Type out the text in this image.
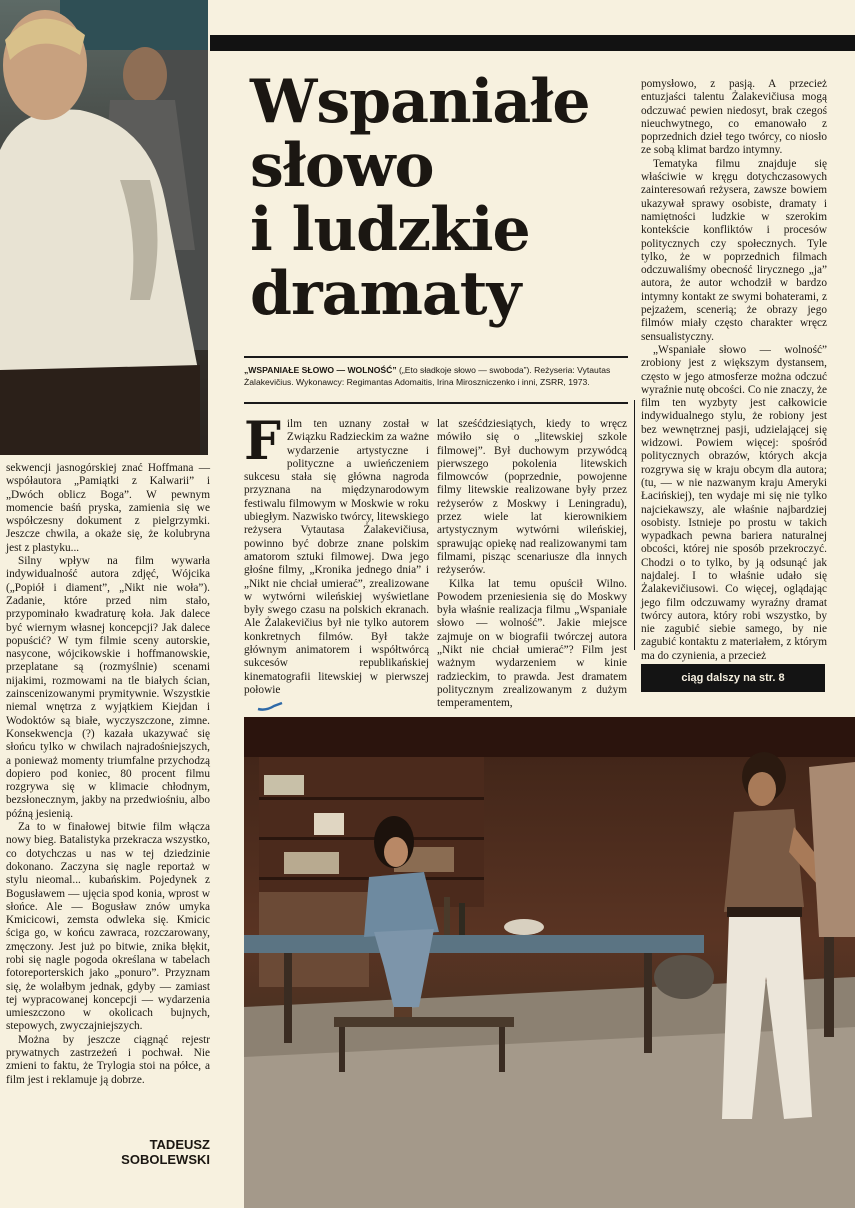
Wspaniałe
słowo
i ludzkie
dramaty
„WSPANIAŁE SŁOWO — WOLNOŚĆ” („Eto sładkoje słowo — swoboda”). Reżyseria: Vytautas Żalakevičius. Wykonawcy: Regimantas Adomaitis, Irina Miroszniczenko i inni, ZSRR, 1973.

sekwencji jasnogórskiej znać Hoffmana — współautora „Pamiątki z Kalwarii” i „Dwóch oblicz Boga”. W pewnym momencie baśń pryska, zamienia się we współczesny dokument z pielgrzymki. Jeszcze chwila, a okaże się, że kolubryna jest z plastyku...

Silny wpływ na film wywarła indywidualność autora zdjęć, Wójcika („Popiół i diament”, „Nikt nie woła”). Zadanie, które przed nim stało, przypominało kwadraturę koła. Jak dalece być wiernym własnej koncepcji? Jak dalece popuścić? W tym filmie sceny autorskie, nasycone, wójcikowskie i hoffmanowskie, przeplatane są (rozmyślnie) scenami nijakimi, rozmowami na tle białych ścian, zainscenizowanymi prymitywnie. Wszystkie niemal wnętrza z wyjątkiem Kiejdan i Wodoktów są białe, wyczyszczone, zimne. Konsekwencja (?) kazała ukazywać się słońcu tylko w chwilach najradośniejszych, a ponieważ momenty triumfalne przychodzą dopiero pod koniec, 80 procent filmu rozgrywa się w klimacie chłodnym, bezsłonecznym, jakby na przedwiośniu, albo późną jesienią.

Za to w finałowej bitwie film włącza nowy bieg. Batalistyka przekracza wszystko, co dotychczas u nas w tej dziedzinie dokonano. Zaczyna się nagle reportaż w stylu nieomal... kubańskim. Pojedynek z Bogusławem — ujęcia spod konia, wprost w słońce. Ale — Bogusław znów umyka Kmicicowi, zemsta odwleka się. Kmicic ściga go, w końcu zawraca, rozczarowany, zmęczony. Jest już po bitwie, znika błękit, robi się nagle pogoda określana w tabelach fotoreporterskich jako „ponuro”. Przyznam się, że wolałbym jednak, gdyby — zamiast tej wypracowanej koncepcji — wydarzenia umieszczono w okolicach bujnych, stepowych, zwyczajniejszych.

Można by jeszcze ciągnąć rejestr prywatnych zastrzeżeń i pochwał. Nie zmieni to faktu, że Trylogia stoi na półce, a film jest i reklamuje ją dobrze.

TADEUSZ
SOBOLEWSKI
F ilm ten uznany został w Związku Radzieckim za ważne wydarzenie artystyczne i polityczne a uwieńczeniem sukcesu stała się główna nagroda przyznana na międzynarodowym festiwalu filmowym w Moskwie w roku ubiegłym. Nazwisko twórcy, litewskiego reżysera Vytautasa Żalakevičiusa, powinno być dobrze znane polskim amatorom sztuki filmowej. Dwa jego głośne filmy, „Kronika jednego dnia” i „Nikt nie chciał umierać”, zrealizowane w wytwórni wileńskiej wyświetlane były swego czasu na polskich ekranach. Ale Żalakevičius był nie tylko autorem konkretnych filmów. Był także głównym animatorem i współtwórcą sukcesów republikańskiej kinematografii litewskiej w pierwszej połowie

lat sześćdziesiątych, kiedy to wręcz mówiło się o „litewskiej szkole filmowej”. Był duchowym przywódcą pierwszego pokolenia litewskich filmowców (poprzednie, powojenne filmy litewskie realizowane były przez reżyserów z Moskwy i Leningradu), przez wiele lat kierownikiem artystycznym wytwórni wileńskiej, sprawując opiekę nad realizowanymi tam filmami, pisząc scenariusze dla innych reżyserów.

Kilka lat temu opuścił Wilno. Powodem przeniesienia się do Moskwy była właśnie realizacja filmu „Wspaniałe słowo — wolność”. Jakie miejsce zajmuje on w biografii twórczej autora „Nikt nie chciał umierać”? Film jest ważnym wydarzeniem w kinie radzieckim, to prawda. Jest dramatem politycznym zrealizowanym z dużym temperamentem,

pomysłowo, z pasją. A przecież entuzjaści talentu Żalakevičiusa mogą odczuwać pewien niedosyt, brak czegoś nieuchwytnego, co emanowało z poprzednich dzieł tego twórcy, co niosło ze sobą klimat bardzo intymny.

Tematyka filmu znajduje się właściwie w kręgu dotychczasowych zainteresowań reżysera, zawsze bowiem ukazywał sprawy osobiste, dramaty i namiętności ludzkie w szerokim kontekście konfliktów i procesów politycznych czy społecznych. Tyle tylko, że w poprzednich filmach odczuwaliśmy obecność lirycznego „ja” autora, że autor wchodził w bardzo intymny kontakt ze swymi bohaterami, z pejzażem, scenerią; że obrazy jego filmów miały często charakter wręcz sensualistyczny.

„Wspaniałe słowo — wolność” zrobiony jest z większym dystansem, często w jego atmosferze można odczuć wyraźnie nutę obcości. Co nie znaczy, że film ten wyzbyty jest całkowicie indywidualnego stylu, że robiony jest bez wewnętrznej pasji, udzielającej się widzowi. Powiem więcej: spośród politycznych obrazów, których akcja rozgrywa się w kraju obcym dla autora; (tu, — w nie nazwanym kraju Ameryki Łacińskiej), ten wydaje mi się nie tylko najciekawszy, ale właśnie najbardziej osobisty. Istnieje po prostu w takich wypadkach pewna bariera naturalnej obcości, której nie sposób przekroczyć. Chodzi o to tylko, by ją odsunąć jak najdalej. I to właśnie udało się Żalakevičiusowi. Co więcej, oglądając jego film odczuwamy wyraźny dramat twórcy autora, który robi wszystko, by nie zagubić siebie samego, by nie zagubić kontaktu z materiałem, z którym ma do czynienia, a przecież

ciąg dalszy na str. 8
